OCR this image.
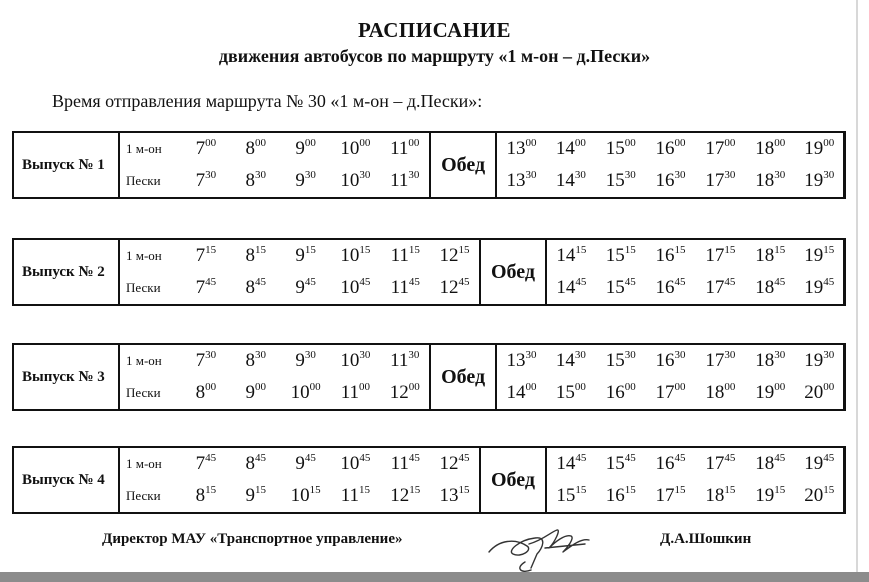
РАСПИСАНИЕ
движения автобусов по маршруту «1 м-он – д.Пески»
Время отправления маршрута № 30 «1 м-он – д.Пески»:
Выпуск № 1	1 м-он	$7^{00}$	$8^{00}$	$9^{00}$	$10^{00}$	$11^{00}$	Обед	$13^{00}$	$14^{00}$	$15^{00}$	$16^{00}$	$17^{00}$	$18^{00}$	$19^{00}$
	Пески	$7^{30}$	$8^{30}$	$9^{30}$	$10^{30}$	$11^{30}$		$13^{30}$	$14^{30}$	$15^{30}$	$16^{30}$	$17^{30}$	$18^{30}$	$19^{30}$
Выпуск № 2	1 м-он	$7^{15}$	$8^{15}$	$9^{15}$	$10^{15}$	$11^{15}$	$12^{15}$	Обед	$14^{15}$	$15^{15}$	$16^{15}$	$17^{15}$	$18^{15}$	$19^{15}$
	Пески	$7^{45}$	$8^{45}$	$9^{45}$	$10^{45}$	$11^{45}$	$12^{45}$		$14^{45}$	$15^{45}$	$16^{45}$	$17^{45}$	$18^{45}$	$19^{45}$
Выпуск № 3	1 м-он	$7^{30}$	$8^{30}$	$9^{30}$	$10^{30}$	$11^{30}$	Обед	$13^{30}$	$14^{30}$	$15^{30}$	$16^{30}$	$17^{30}$	$18^{30}$	$19^{30}$
	Пески	$8^{00}$	$9^{00}$	$10^{00}$	$11^{00}$	$12^{00}$		$14^{00}$	$15^{00}$	$16^{00}$	$17^{00}$	$18^{00}$	$19^{00}$	$20^{00}$
Выпуск № 4	1 м-он	$7^{45}$	$8^{45}$	$9^{45}$	$10^{45}$	$11^{45}$	$12^{45}$	Обед	$14^{45}$	$15^{45}$	$16^{45}$	$17^{45}$	$18^{45}$	$19^{45}$
	Пески	$8^{15}$	$9^{15}$	$10^{15}$	$11^{15}$	$12^{15}$	$13^{15}$		$15^{15}$	$16^{15}$	$17^{15}$	$18^{15}$	$19^{15}$	$20^{15}$
Директор МАУ «Транспортное управление»	Д.А.Шошкин
